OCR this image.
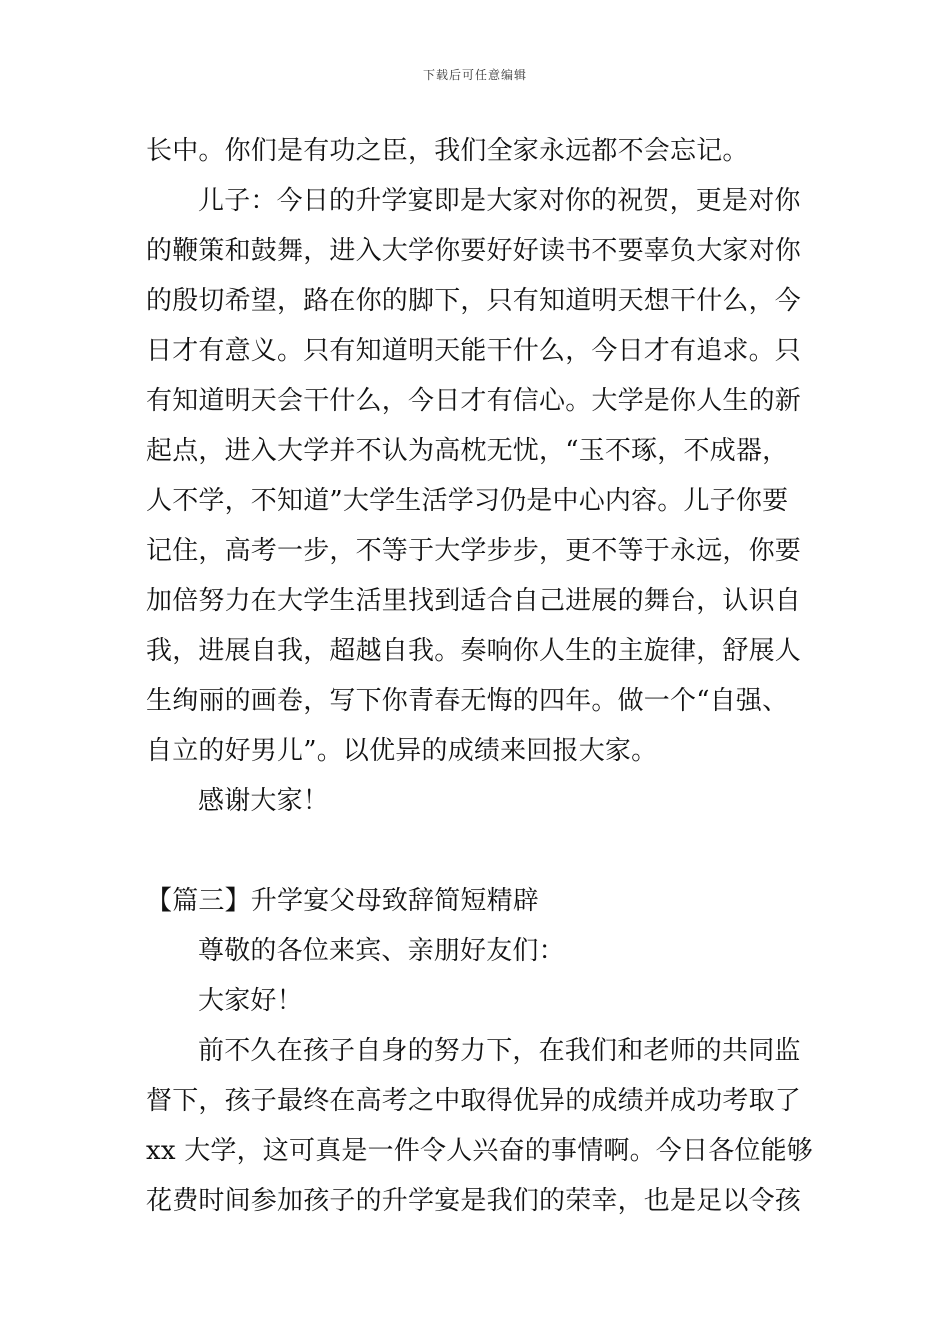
下载后可任意编辑
长中。你们是有功之臣，我们全家永远都不会忘记。
儿子：今日的升学宴即是大家对你的祝贺，更是对你
的鞭策和鼓舞，进入大学你要好好读书不要辜负大家对你
的殷切希望，路在你的脚下，只有知道明天想干什么，今
日才有意义。只有知道明天能干什么，今日才有追求。只
有知道明天会干什么，今日才有信心。大学是你人生的新
起点，进入大学并不认为高枕无忧，“玉不琢，不成器，
人不学，不知道”大学生活学习仍是中心内容。儿子你要
记住，高考一步，不等于大学步步，更不等于永远，你要
加倍努力在大学生活里找到适合自己进展的舞台，认识自
我，进展自我，超越自我。奏响你人生的主旋律，舒展人
生绚丽的画卷，写下你青春无悔的四年。做一个“自强、
自立的好男儿”。以优异的成绩来回报大家。
感谢大家！
【篇三】升学宴父母致辞简短精辟
尊敬的各位来宾、亲朋好友们：
大家好！
前不久在孩子自身的努力下，在我们和老师的共同监
督下，孩子最终在高考之中取得优异的成绩并成功考取了
xx 大学，这可真是一件令人兴奋的事情啊。今日各位能够
花费时间参加孩子的升学宴是我们的荣幸，也是足以令孩
